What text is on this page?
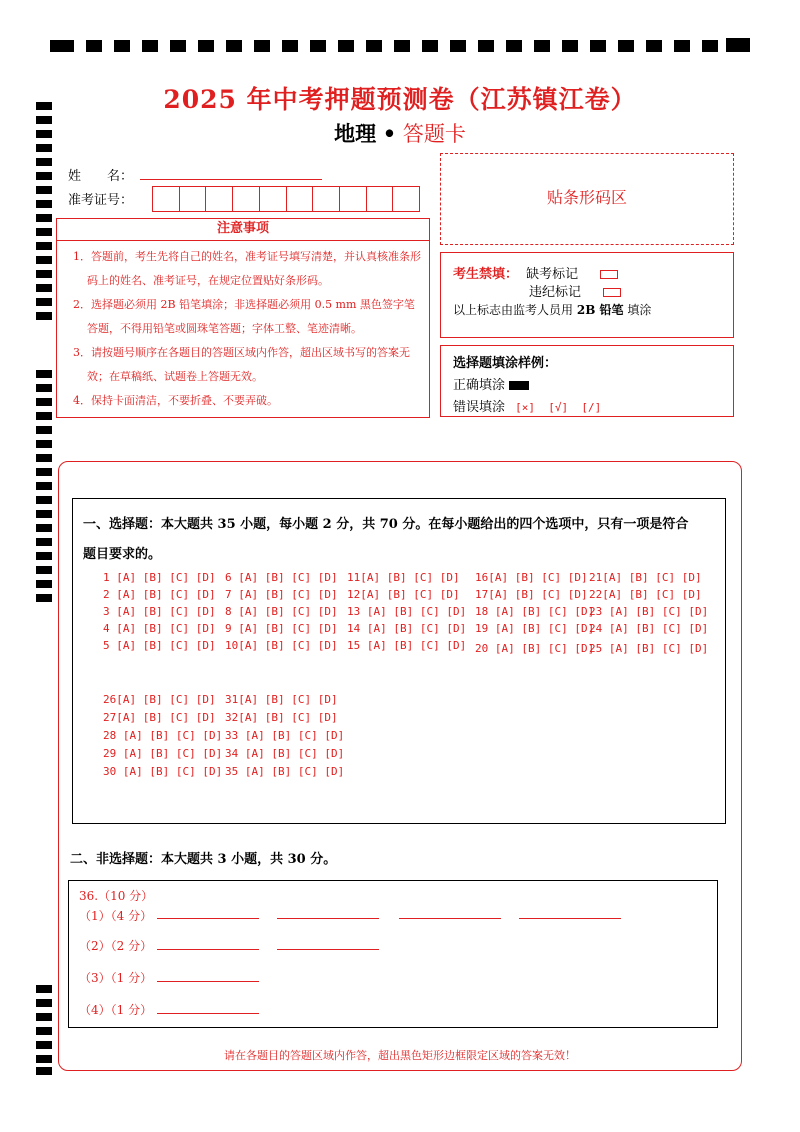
2025 年中考押题预测卷（江苏镇江卷）
地理 • 答题卡
姓　　名：
准考证号：
注意事项
1．答题前，考生先将自己的姓名，准考证号填写清楚，并认真核准条形码上的姓名、准考证号，在规定位置贴好条形码。
2．选择题必须用 2B 铅笔填涂；非选择题必须用 0.5 mm 黑色签字笔答题，不得用铅笔或圆珠笔答题；字体工整、笔迹清晰。
3．请按题号顺序在各题目的答题区域内作答，超出区域书写的答案无效；在草稿纸、试题卷上答题无效。
4．保持卡面清洁，不要折叠、不要弄破。
贴条形码区
考生禁填： 缺考标记
违纪标记
以上标志由监考人员用 2B 铅笔 填涂
选择题填涂样例：
正确填涂
错误填涂 [×]  [√]  [/]
一、选择题：本大题共 35 小题，每小题 2 分，共 70 分。在每小题给出的四个选项中，只有一项是符合
题目要求的。
1 [A] [B] [C] [D] 6 [A] [B] [C] [D] 11[A] [B] [C] [D] 16[A] [B] [C] [D] 21[A] [B] [C] [D]
2 [A] [B] [C] [D] 7 [A] [B] [C] [D] 12[A] [B] [C] [D] 17[A] [B] [C] [D] 22[A] [B] [C] [D]
3 [A] [B] [C] [D] 8 [A] [B] [C] [D] 13 [A] [B] [C] [D] 18 [A] [B] [C] [D]
23 [A] [B] [C] [D]
4 [A] [B] [C] [D] 9 [A] [B] [C] [D] 14 [A] [B] [C] [D] 19 [A] [B] [C] [D]
24 [A] [B] [C] [D]
5 [A] [B] [C] [D] 10[A] [B] [C] [D] 15 [A] [B] [C] [D] 20 [A] [B] [C] [D]
25 [A] [B] [C] [D]
26[A] [B] [C] [D] 31[A] [B] [C] [D]
27[A] [B] [C] [D] 32[A] [B] [C] [D]
28 [A] [B] [C] [D] 33 [A] [B] [C] [D]
29 [A] [B] [C] [D] 34 [A] [B] [C] [D]
30 [A] [B] [C] [D] 35 [A] [B] [C] [D]
二、非选择题：本大题共 3 小题，共 30 分。
36.（10 分）
（1）（4 分）
（2）（2 分）
（3）（1 分）
（4）（1 分）
请在各题目的答题区域内作答，超出黑色矩形边框限定区域的答案无效！
